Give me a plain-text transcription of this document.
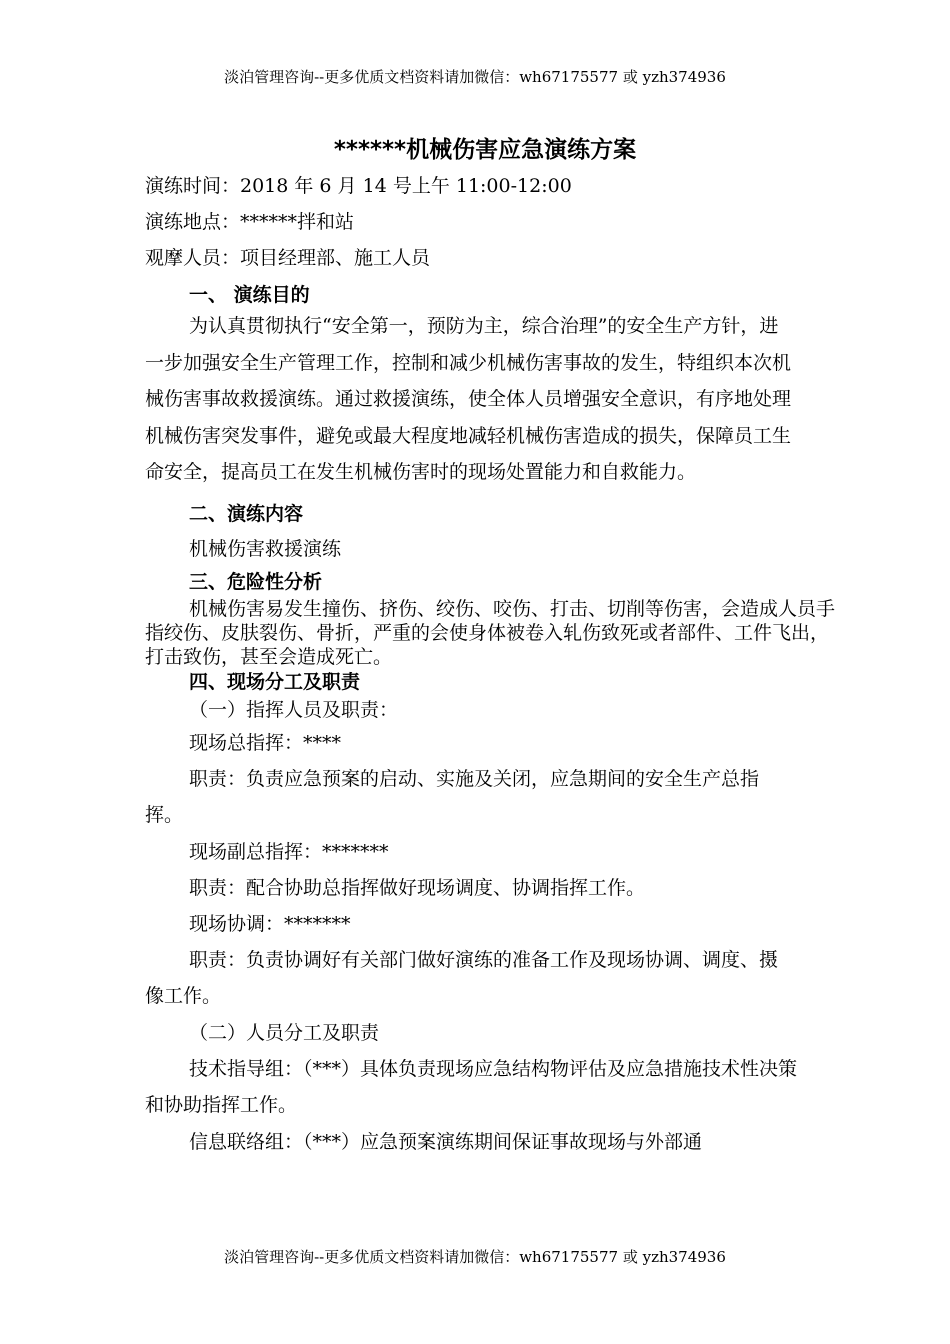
淡泊管理咨询--更多优质文档资料请加微信：wh67175577 或 yzh374936
******机械伤害应急演练方案

演练时间：2018 年 6 月 14 号上午 11:00-12:00

演练地点：******拌和站

观摩人员：项目经理部、施工人员

一、 演练目的

为认真贯彻执行“安全第一，预防为主，综合治理”的安全生产方针，进一步加强安全生产管理工作，控制和减少机械伤害事故的发生，特组织本次机械伤害事故救援演练。通过救援演练，使全体人员增强安全意识，有序地处理机械伤害突发事件，避免或最大程度地减轻机械伤害造成的损失，保障员工生命安全，提高员工在发生机械伤害时的现场处置能力和自救能力。

二、演练内容

机械伤害救援演练

三、危险性分析

机械伤害易发生撞伤、挤伤、绞伤、咬伤、打击、切削等伤害，会造成人员手指绞伤、皮肤裂伤、骨折，严重的会使身体被卷入轧伤致死或者部件、工件飞出，打击致伤，甚至会造成死亡。

四、现场分工及职责

（一）指挥人员及职责：

现场总指挥：****

职责：负责应急预案的启动、实施及关闭，应急期间的安全生产总指挥。

现场副总指挥：*******

职责：配合协助总指挥做好现场调度、协调指挥工作。

现场协调：*******

职责：负责协调好有关部门做好演练的准备工作及现场协调、调度、摄像工作。

（二）人员分工及职责

技术指导组：（***）具体负责现场应急结构物评估及应急措施技术性决策和协助指挥工作。

信息联络组：（***）应急预案演练期间保证事故现场与外部通

淡泊管理咨询--更多优质文档资料请加微信：wh67175577 或 yzh374936
